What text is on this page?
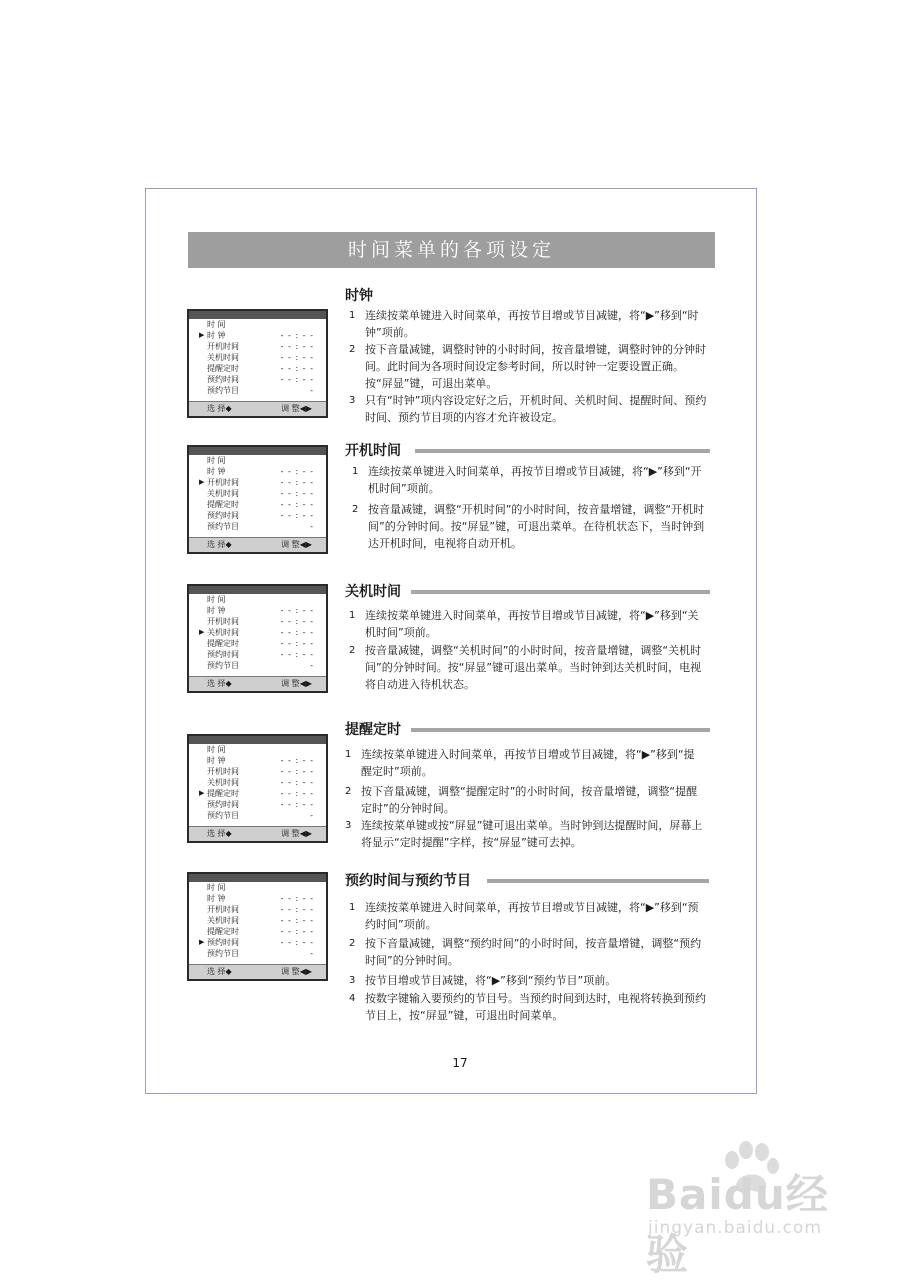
时间菜单的各项设定
时 间
▶ 时 钟	- - : - -
开机时间	- - : - -
关机时间	- - : - -
提醒定时	- - : - -
预约时间	- - : - -
预约节目	-
选 择◆	调 整◀▶
时 间
时 钟	- - : - -
▶ 开机时间	- - : - -
关机时间	- - : - -
提醒定时	- - : - -
预约时间	- - : - -
预约节目	-
选 择◆	调 整◀▶
时 间
时 钟	- - : - -
开机时间	- - : - -
▶ 关机时间	- - : - -
提醒定时	- - : - -
预约时间	- - : - -
预约节目	-
选 择◆	调 整◀▶
时 间
时 钟	- - : - -
开机时间	- - : - -
关机时间	- - : - -
▶ 提醒定时	- - : - -
预约时间	- - : - -
预约节目	-
选 择◆	调 整◀▶
时 间
时 钟	- - : - -
开机时间	- - : - -
关机时间	- - : - -
提醒定时	- - : - -
▶ 预约时间	- - : - -
预约节目	-
选 择◆	调 整◀▶
时钟
1 连续按菜单键进入时间菜单，再按节目增或节目减键，将“▶”移到“时钟”项前。
2 按下音量减键，调整时钟的小时时间，按音量增键，调整时钟的分钟时间。此时间为各项时间设定参考时间，所以时钟一定要设置正确。按“屏显”键，可退出菜单。
3 只有“时钟”项内容设定好之后，开机时间、关机时间、提醒时间、预约时间、预约节目项的内容才允许被设定。
开机时间
1 连续按菜单键进入时间菜单，再按节目增或节目减键，将“▶”移到“开机时间”项前。
2 按音量减键，调整“开机时间”的小时时间，按音量增键，调整“开机时间”的分钟时间。按“屏显”键，可退出菜单。在待机状态下，当时钟到达开机时间，电视将自动开机。
关机时间
1 连续按菜单键进入时间菜单，再按节目增或节目减键，将“▶”移到“关机时间”项前。
2 按音量减键，调整“关机时间”的小时时间，按音量增键，调整“关机时间”的分钟时间。按“屏显”键可退出菜单。当时钟到达关机时间，电视将自动进入待机状态。
提醒定时
1 连续按菜单键进入时间菜单，再按节目增或节目减键，将“▶”移到“提醒定时”项前。
2 按下音量减键，调整“提醒定时”的小时时间，按音量增键，调整“提醒定时”的分钟时间。
3 连续按菜单键或按“屏显”键可退出菜单。当时钟到达提醒时间，屏幕上将显示“定时提醒”字样，按“屏显”键可去掉。
预约时间与预约节目
1 连续按菜单键进入时间菜单，再按节目增或节目减键，将“▶”移到“预约时间”项前。
2 按下音量减键，调整“预约时间”的小时时间，按音量增键，调整“预约时间”的分钟时间。
3 按节目增或节目减键，将“▶”移到“预约节目”项前。
4 按数字键输入要预约的节目号。当预约时间到达时，电视将转换到预约节目上，按“屏显”键，可退出时间菜单。
17
Baidu经验
jingyan.baidu.com
